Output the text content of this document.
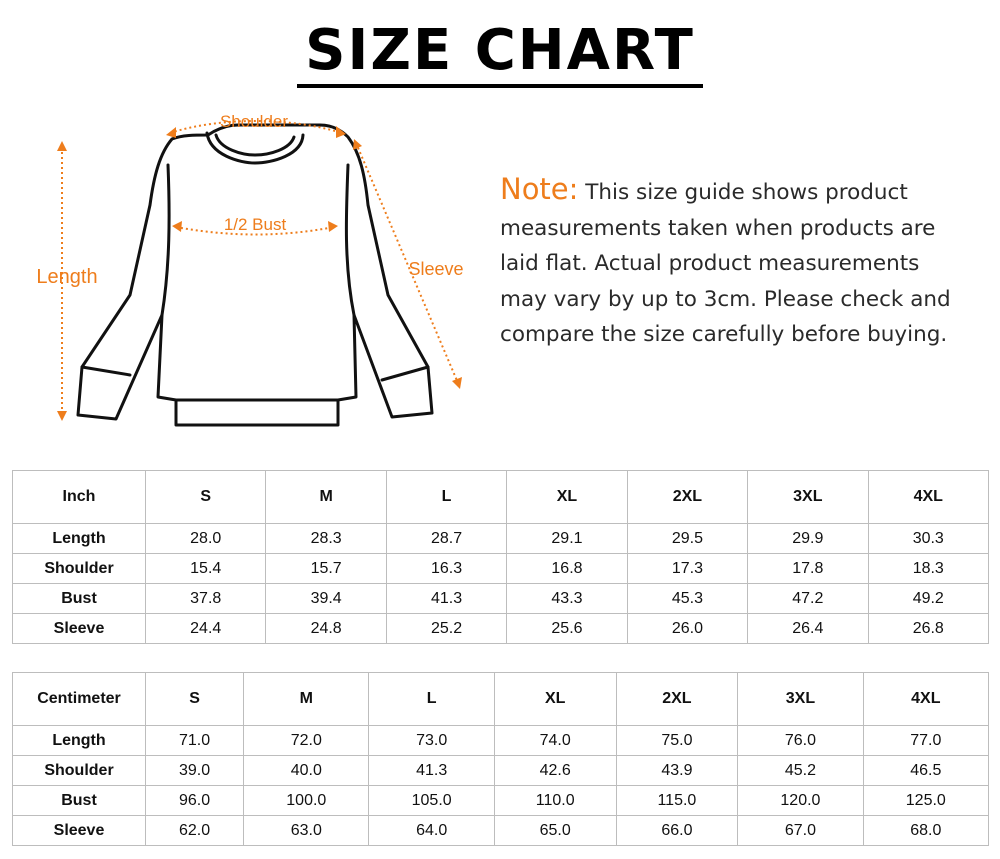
SIZE CHART
Shoulder
1/2 Bust
Length	Sleeve
Note: This size guide shows product measurements taken when products are laid flat. Actual product measurements may vary by up to 3cm. Please check and compare the size carefully before buying.
Inch	S	M	L	XL	2XL	3XL	4XL
Length	28.0	28.3	28.7	29.1	29.5	29.9	30.3
Shoulder	15.4	15.7	16.3	16.8	17.3	17.8	18.3
Bust	37.8	39.4	41.3	43.3	45.3	47.2	49.2
Sleeve	24.4	24.8	25.2	25.6	26.0	26.4	26.8
Centimeter	S	M	L	XL	2XL	3XL	4XL
Length	71.0	72.0	73.0	74.0	75.0	76.0	77.0
Shoulder	39.0	40.0	41.3	42.6	43.9	45.2	46.5
Bust	96.0	100.0	105.0	110.0	115.0	120.0	125.0
Sleeve	62.0	63.0	64.0	65.0	66.0	67.0	68.0
